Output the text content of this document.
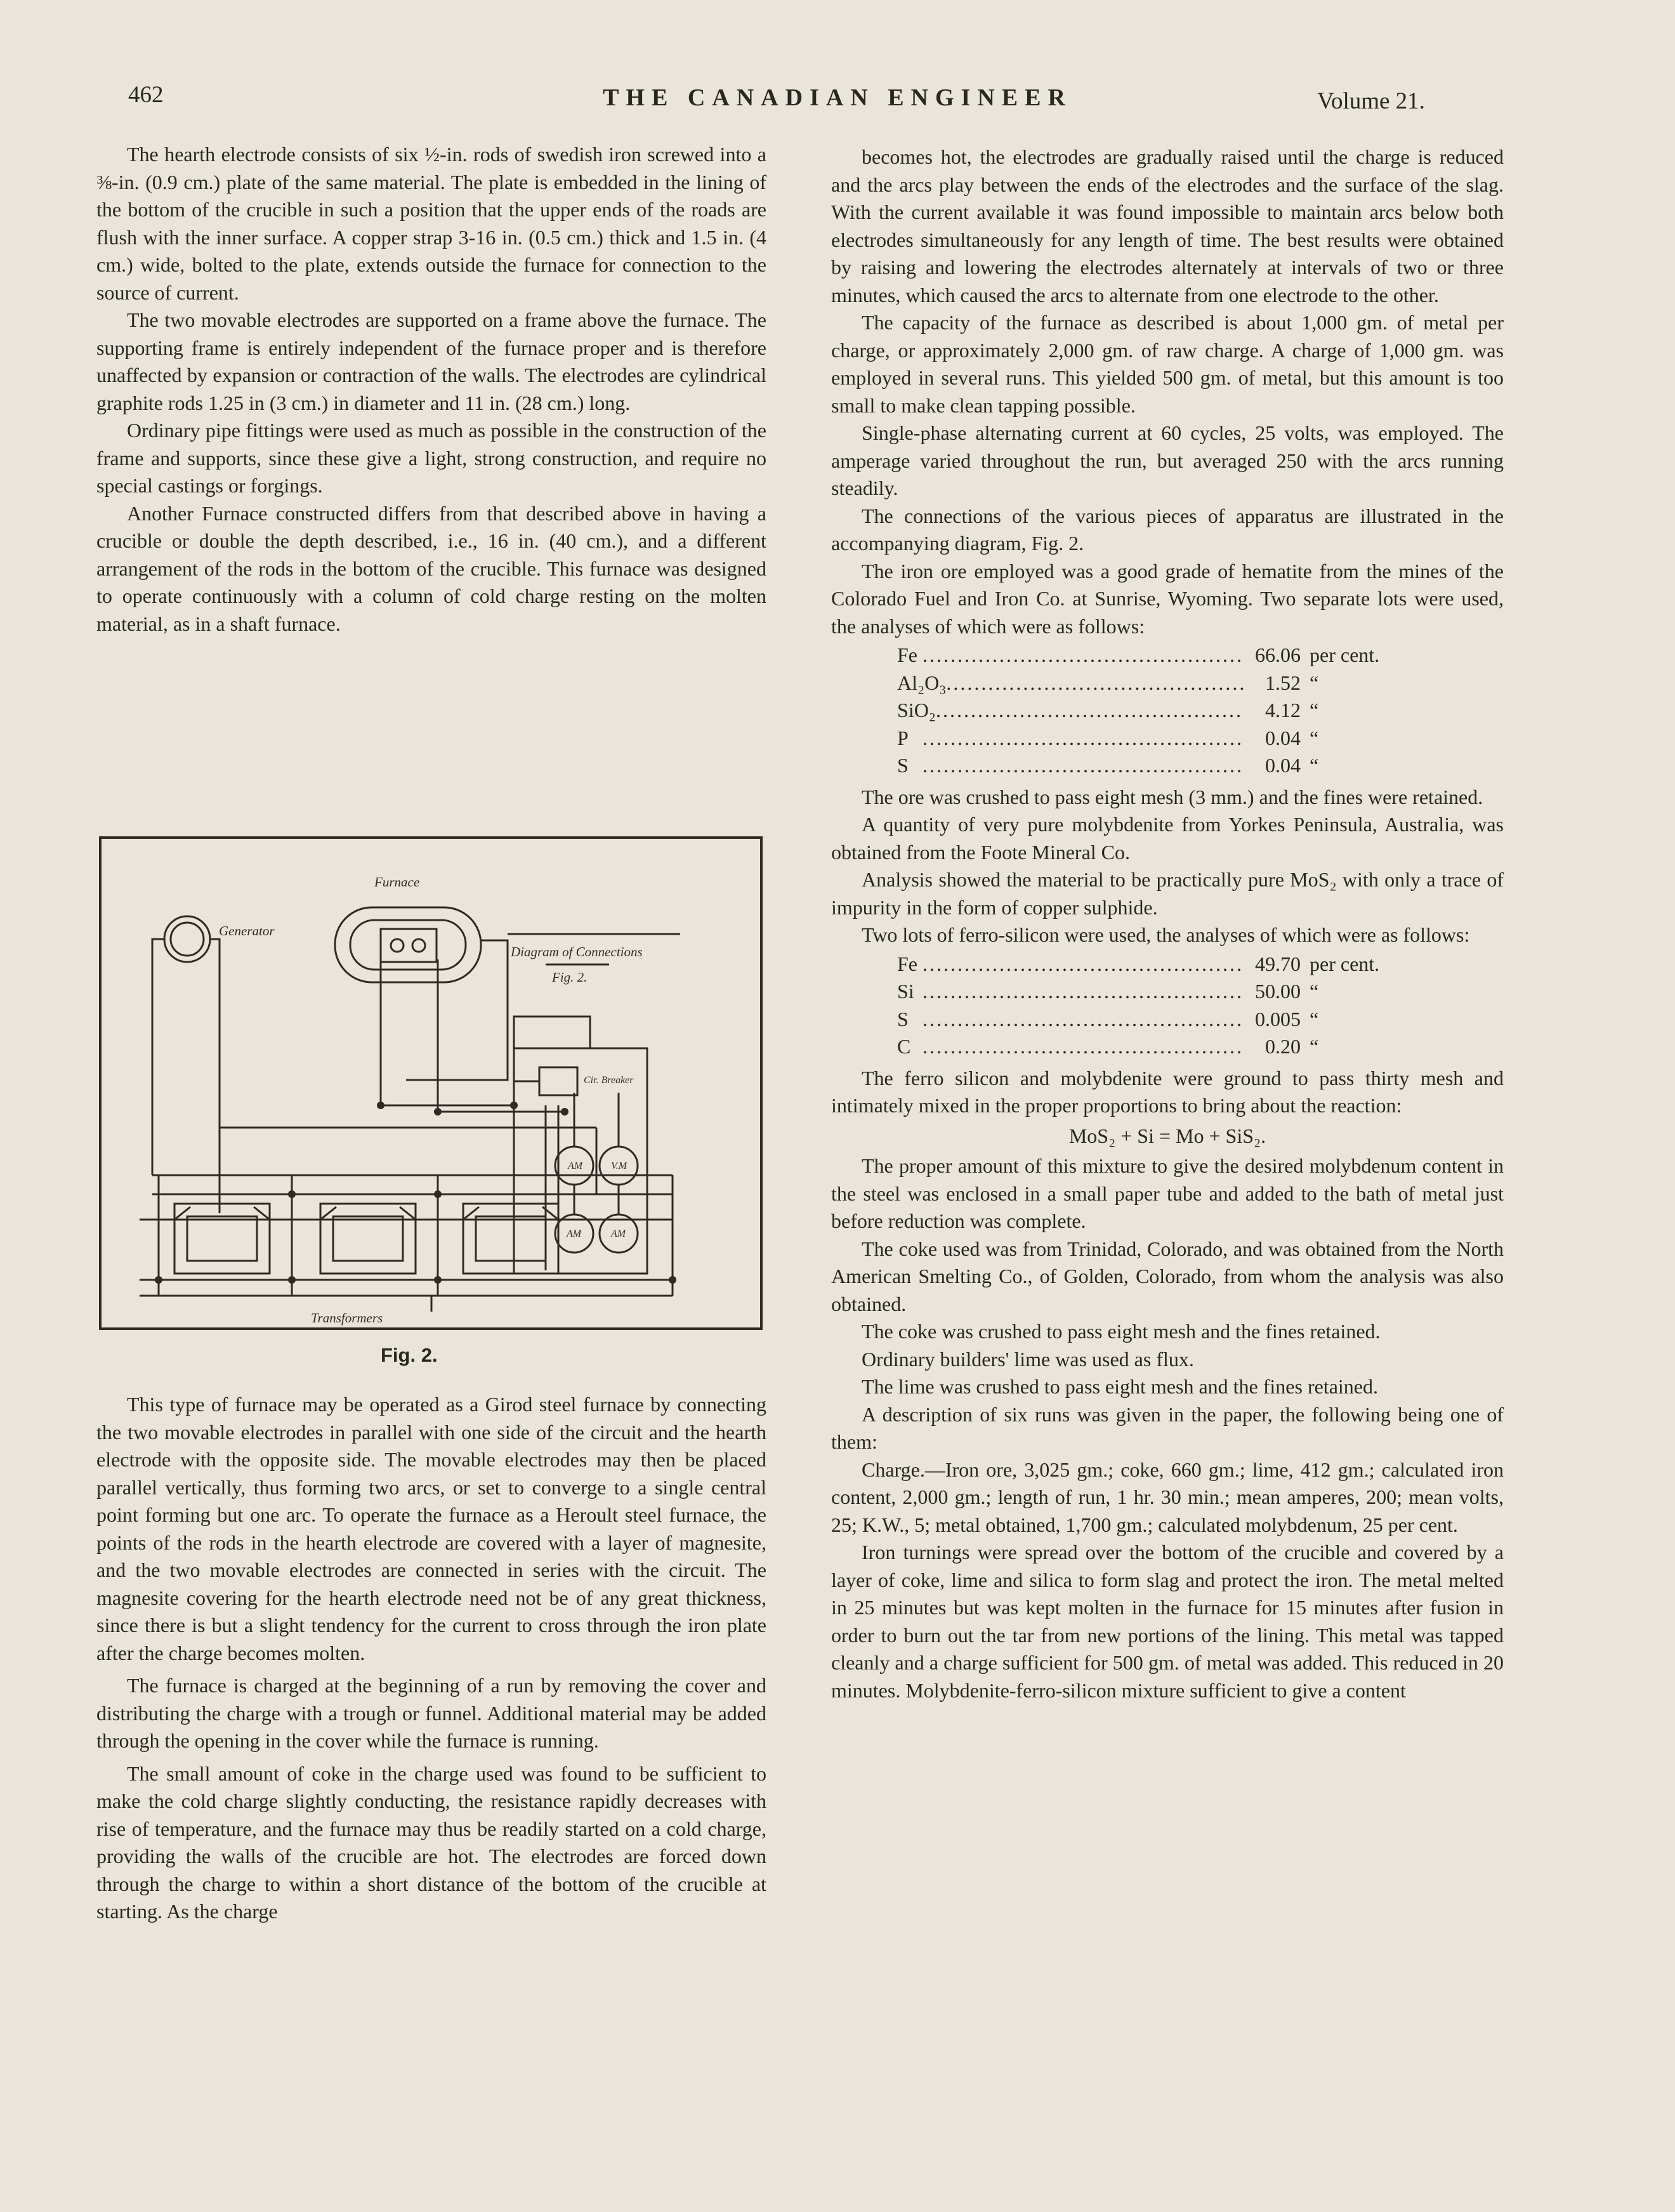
462	THE CANADIAN ENGINEER	Volume 21.

The hearth electrode consists of six ½-in. rods of swedish iron screwed into a ⅜-in. (0.9 cm.) plate of the same material. The plate is embedded in the lining of the bottom of the crucible in such a position that the upper ends of the roads are flush with the inner surface. A copper strap 3-16 in. (0.5 cm.) thick and 1.5 in. (4 cm.) wide, bolted to the plate, extends outside the furnace for connection to the source of current.

The two movable electrodes are supported on a frame above the furnace. The supporting frame is entirely independent of the furnace proper and is therefore unaffected by expansion or contraction of the walls. The electrodes are cylindrical graphite rods 1.25 in (3 cm.) in diameter and 11 in. (28 cm.) long.

Ordinary pipe fittings were used as much as possible in the construction of the frame and supports, since these give a light, strong construction, and require no special castings or forgings.

Another Furnace constructed differs from that described above in having a crucible or double the depth described, i.e., 16 in. (40 cm.), and a different arrangement of the rods in the bottom of the crucible. This furnace was designed to operate continuously with a column of cold charge resting on the molten material, as in a shaft furnace.

Generator
Furnace
Diagram of Connections
Fig. 2.
Cir. Breaker
AM	V.M
AM	AM
Transformers
Fig. 2.

This type of furnace may be operated as a Girod steel furnace by connecting the two movable electrodes in parallel with one side of the circuit and the hearth electrode with the opposite side. The movable electrodes may then be placed parallel vertically, thus forming two arcs, or set to converge to a single central point forming but one arc. To operate the furnace as a Heroult steel furnace, the points of the rods in the hearth electrode are covered with a layer of magnesite, and the two movable electrodes are connected in series with the circuit. The magnesite covering for the hearth electrode need not be of any great thickness, since there is but a slight tendency for the current to cross through the iron plate after the charge becomes molten.

The furnace is charged at the beginning of a run by removing the cover and distributing the charge with a trough or funnel. Additional material may be added through the opening in the cover while the furnace is running.

The small amount of coke in the charge used was found to be sufficient to make the cold charge slightly conducting, the resistance rapidly decreases with rise of temperature, and the furnace may thus be readily started on a cold charge, providing the walls of the crucible are hot. The electrodes are forced down through the charge to within a short distance of the bottom of the crucible at starting. As the charge

becomes hot, the electrodes are gradually raised until the charge is reduced and the arcs play between the ends of the electrodes and the surface of the slag. With the current available it was found impossible to maintain arcs below both electrodes simultaneously for any length of time. The best results were obtained by raising and lowering the electrodes alternately at intervals of two or three minutes, which caused the arcs to alternate from one electrode to the other.

The capacity of the furnace as described is about 1,000 gm. of metal per charge, or approximately 2,000 gm. of raw charge. A charge of 1,000 gm. was employed in several runs. This yielded 500 gm. of metal, but this amount is too small to make clean tapping possible.

Single-phase alternating current at 60 cycles, 25 volts, was employed. The amperage varied throughout the run, but averaged 250 with the arcs running steadily.

The connections of the various pieces of apparatus are illustrated in the accompanying diagram, Fig. 2.

The iron ore employed was a good grade of hematite from the mines of the Colorado Fuel and Iron Co. at Sunrise, Wyoming. Two separate lots were used, the analyses of which were as follows:

Fe .....	66.06 per cent.
Al₂O₃ .....	1.52 “
SiO₂ .....	4.12 “
P .....	0.04 “
S .....	0.04 “

The ore was crushed to pass eight mesh (3 mm.) and the fines were retained.

A quantity of very pure molybdenite from Yorkes Peninsula, Australia, was obtained from the Foote Mineral Co.

Analysis showed the material to be practically pure MoS₂ with only a trace of impurity in the form of copper sulphide.

Two lots of ferro-silicon were used, the analyses of which were as follows:

Fe .....	49.70 per cent.
Si .....	50.00 “
S .....	0.005 “
C .....	0.20 “

The ferro silicon and molybdenite were ground to pass thirty mesh and intimately mixed in the proper proportions to bring about the reaction:

MoS₂ + Si = Mo + SiS₂.

The proper amount of this mixture to give the desired molybdenum content in the steel was enclosed in a small paper tube and added to the bath of metal just before reduction was complete.

The coke used was from Trinidad, Colorado, and was obtained from the North American Smelting Co., of Golden, Colorado, from whom the analysis was also obtained.

The coke was crushed to pass eight mesh and the fines retained.

Ordinary builders' lime was used as flux.

The lime was crushed to pass eight mesh and the fines retained.

A description of six runs was given in the paper, the following being one of them:

Charge.—Iron ore, 3,025 gm.; coke, 660 gm.; lime, 412 gm.; calculated iron content, 2,000 gm.; length of run, 1 hr. 30 min.; mean amperes, 200; mean volts, 25; K.W., 5; metal obtained, 1,700 gm.; calculated molybdenum, 25 per cent.

Iron turnings were spread over the bottom of the crucible and covered by a layer of coke, lime and silica to form slag and protect the iron. The metal melted in 25 minutes but was kept molten in the furnace for 15 minutes after fusion in order to burn out the tar from new portions of the lining. This metal was tapped cleanly and a charge sufficient for 500 gm. of metal was added. This reduced in 20 minutes. Molybdenite-ferro-silicon mixture sufficient to give a content
